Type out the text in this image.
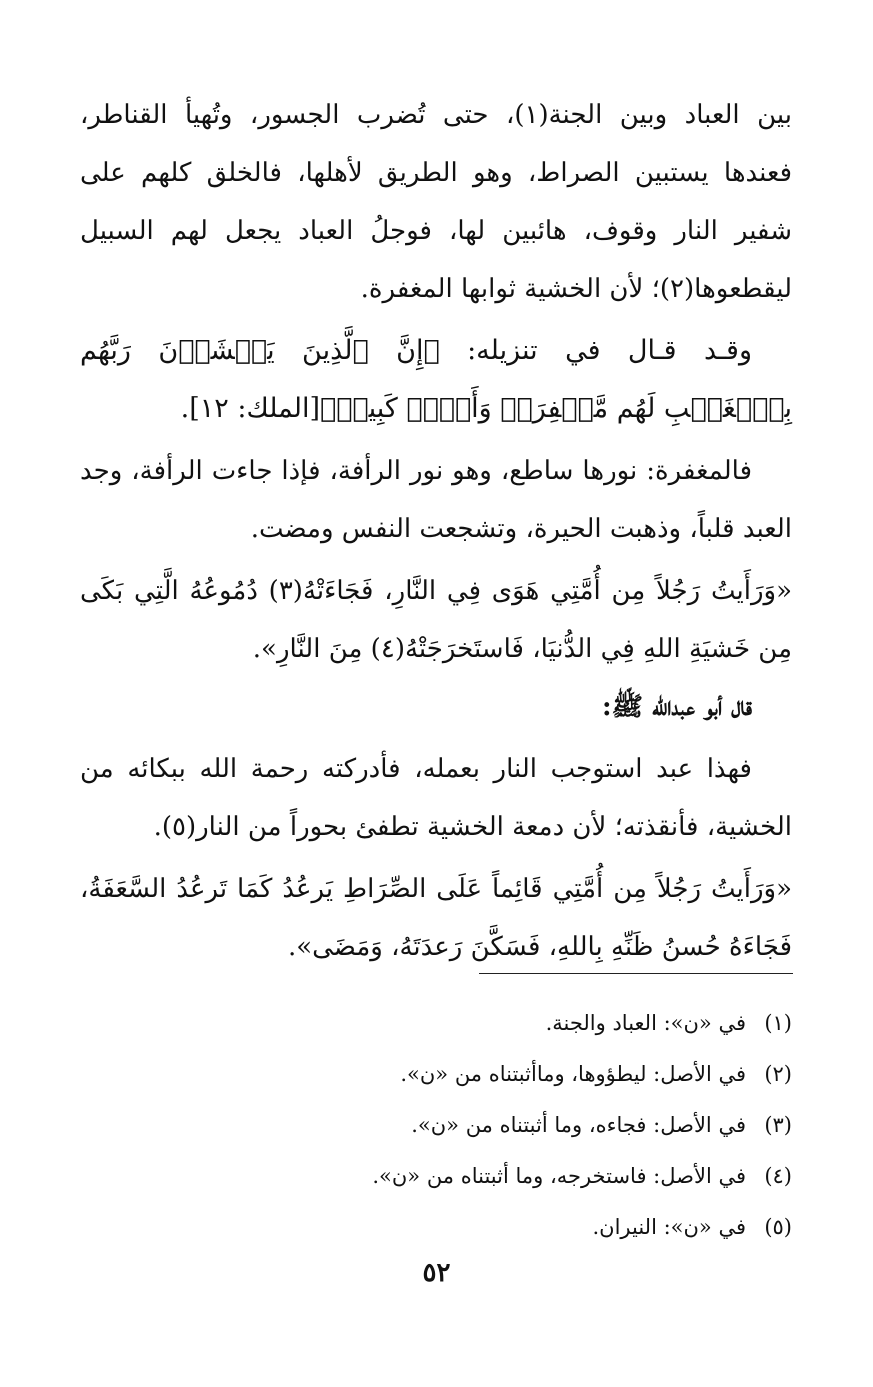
بين العباد وبين الجنة(١)، حتى تُضرب الجسور، وتُهيأ القناطر، فعندها يستبين الصراط، وهو الطريق لأهلها، فالخلق كلهم على شفير النار وقوف، هائبين لها، فوجلُ العباد يجعل لهم السبيل ليقطعوها(٢)؛ لأن الخشية ثوابها المغفرة.

وقـد قـال في تنزيله: ﴿إِنَّ ٱلَّذِينَ يَخۡشَوۡنَ رَبَّهُم بِٱلۡغَيۡبِ لَهُم مَّغۡفِرَةٞ وَأَجۡرٞ كَبِيرٞ﴾[الملك: ١٢].

فالمغفرة: نورها ساطع، وهو نور الرأفة، فإذا جاءت الرأفة، وجد العبد قلباً، وذهبت الحيرة، وتشجعت النفس ومضت.

«وَرَأَيتُ رَجُلاً مِن أُمَّتِي هَوَى فِي النَّارِ، فَجَاءَتْهُ(٣) دُمُوعُهُ الَّتِي بَكَى مِن خَشيَةِ اللهِ فِي الدُّنيَا، فَاستَخرَجَتْهُ(٤) مِنَ النَّارِ».

قال أبو عبدالله ﷺ:

فهذا عبد استوجب النار بعمله، فأدركته رحمة الله ببكائه من الخشية، فأنقذته؛ لأن دمعة الخشية تطفئ بحوراً من النار(٥).

«وَرَأَيتُ رَجُلاً مِن أُمَّتِي قَائِماً عَلَى الصِّرَاطِ يَرعُدُ كَمَا تَرعُدُ السَّعَفَةُ، فَجَاءَهُ حُسنُ ظَنِّهِ بِاللهِ، فَسَكَّنَ رَعدَتَهُ، وَمَضَى».

(١)في «ن»: العباد والجنة.
(٢)في الأصل: ليطؤوها، وماأثبتناه من «ن».
(٣)في الأصل: فجاءه، وما أثبتناه من «ن».
(٤)في الأصل: فاستخرجه، وما أثبتناه من «ن».
(٥)في «ن»: النيران.
٥٢
